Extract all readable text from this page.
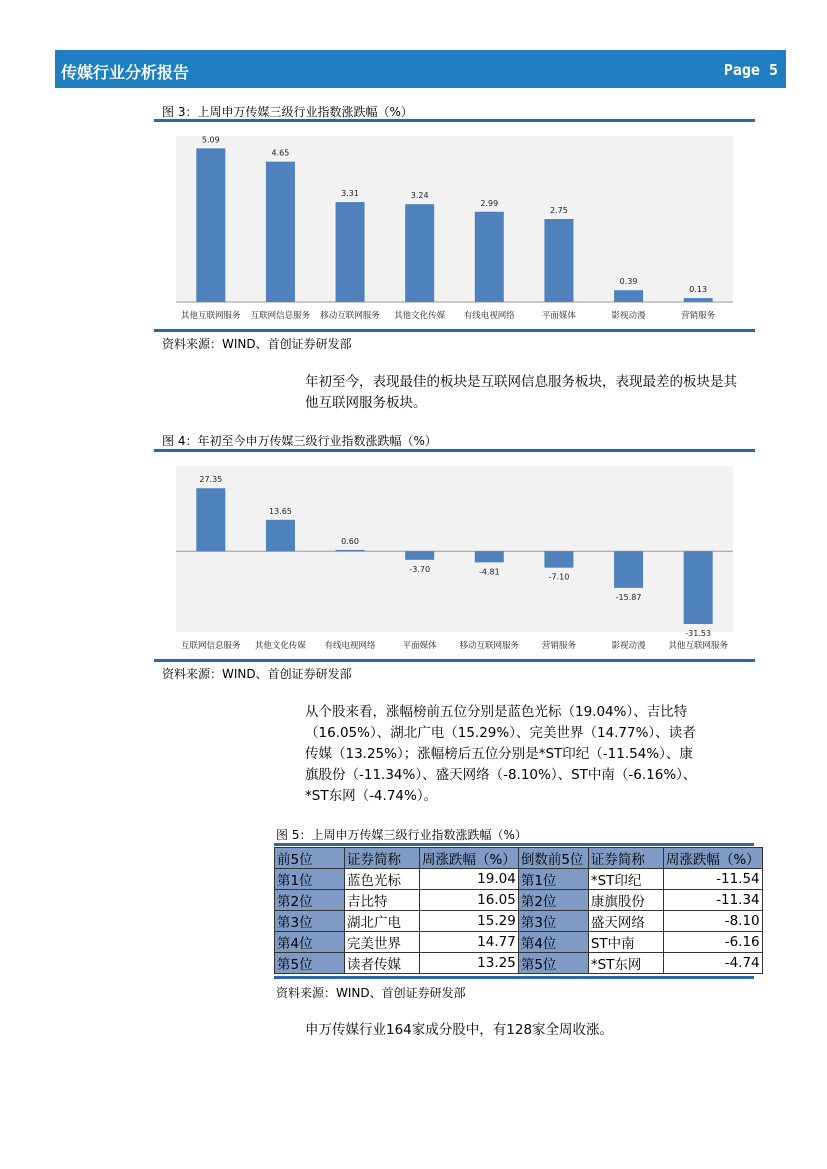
传媒行业分析报告	Page 5
图 3：上周申万传媒三级行业指数涨跌幅（%）
5.09
其他互联网服务
4.65
互联网信息服务
3.31
移动互联网服务
3.24
其他文化传媒
2.99
有线电视网络
2.75
平面媒体
0.39
影视动漫
0.13
营销服务
资料来源：WIND、首创证券研发部
年初至今，表现最佳的板块是互联网信息服务板块，表现最差的板块是其他互联网服务板块。
图 4：年初至今申万传媒三级行业指数涨跌幅（%）
27.35
互联网信息服务
13.65
其他文化传媒
0.60
有线电视网络
-3.70
平面媒体
-4.81
移动互联网服务
-7.10
营销服务
-15.87
影视动漫
-31.53
其他互联网服务
资料来源：WIND、首创证券研发部
从个股来看，涨幅榜前五位分别是蓝色光标（19.04%）、吉比特
（16.05%）、湖北广电（15.29%）、完美世界（14.77%）、读者
传媒（13.25%）；涨幅榜后五位分别是*ST印纪（-11.54%）、康
旗股份（-11.34%）、盛天网络（-8.10%）、ST中南（-6.16%）、
*ST东网（-4.74%）。
图 5：上周申万传媒三级行业指数涨跌幅（%）
前5位	证券简称	周涨跌幅（%）	倒数前5位	证券简称	周涨跌幅（%）
第1位	蓝色光标	19.04	第1位	*ST印纪	-11.54
第2位	吉比特	16.05	第2位	康旗股份	-11.34
第3位	湖北广电	15.29	第3位	盛天网络	-8.10
第4位	完美世界	14.77	第4位	ST中南	-6.16
第5位	读者传媒	13.25	第5位	*ST东网	-4.74
资料来源：WIND、首创证券研发部
申万传媒行业164家成分股中，有128家全周收涨。
